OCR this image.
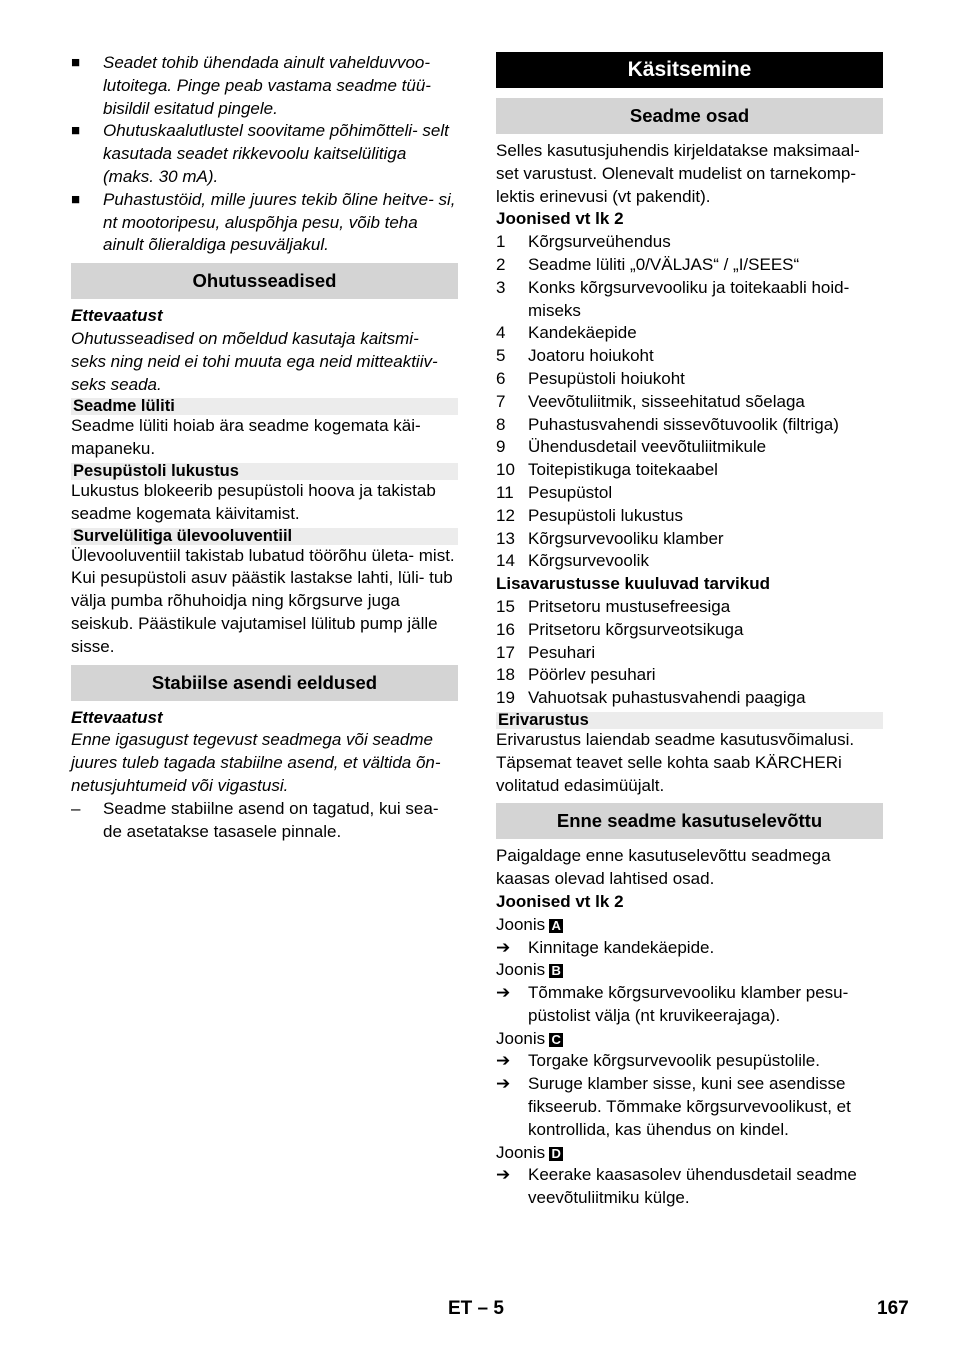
■

Seadet tohib ühendada ainult vahelduvvoo- lutoitega. Pinge peab vastama seadme tüü- bisildil esitatud pingele.

■

Ohutuskaalutlustel soovitame põhimõtteli- selt kasutada seadet rikkevoolu kaitselülitiga (maks. 30 mA).

■

Puhastustöid, mille juures tekib õline heitve- si, nt mootoripesu, aluspõhja pesu, võib teha ainult õlieraldiga pesuväljakul.

Ohutusseadised

Ettevaatust

Ohutusseadised on mõeldud kasutaja kaitsmi- seks ning neid ei tohi muuta ega neid mitteaktiiv- seks seada.

Seadme lüliti

Seadme lüliti hoiab ära seadme kogemata käi- mapaneku.

Pesupüstoli lukustus

Lukustus blokeerib pesupüstoli hoova ja takistab seadme kogemata käivitamist.

Survelülitiga ülevooluventiil

Ülevooluventiil takistab lubatud töörõhu ületa- mist.

Kui pesupüstoli asuv päästik lastakse lahti, lüli- tub välja pumba rõhuhoidja ning kõrgsurve juga seiskub. Päästikule vajutamisel lülitub pump jälle sisse.

Stabiilse asendi eeldused

Ettevaatust

Enne igasugust tegevust seadmega või seadme juures tuleb tagada stabiilne asend, et vältida õn- netusjuhtumeid või vigastusi.

–	Seadme stabiilne asend on tagatud, kui sea- de asetatakse tasasele pinnale.

Käsitsemine
Seadme osad

Selles kasutusjuhendis kirjeldatakse maksimaal- set varustust. Olenevalt mudelist on tarnekomp- lektis erinevusi (vt pakendit).

Joonised vt lk 2

1	Kõrgsurveühendus
2	Seadme lüliti „0/VÄLJAS“ / „I/SEES“
3	Konks kõrgsurvevooliku ja toitekaabli hoid- miseks
4	Kandekäepide
5	Joatoru hoiukoht
6	Pesupüstoli hoiukoht
7	Veevõtuliitmik, sisseehitatud sõelaga
8	Puhastusvahendi sissevõtuvoolik (filtriga)
9	Ühendusdetail veevõtuliitmikule
10 Toitepistikuga toitekaabel
11 Pesupüstol
12 Pesupüstoli lukustus
13 Kõrgsurvevooliku klamber
14 Kõrgsurvevoolik

Lisavarustusse kuuluvad tarvikud

15 Pritsetoru mustusefreesiga
16 Pritsetoru kõrgsurveotsikuga
17 Pesuhari
18 Pöörlev pesuhari
19 Vahuotsak puhastusvahendi paagiga
Erivarustus

Erivarustus laiendab seadme kasutusvõimalusi. Täpsemat teavet selle kohta saab KÄRCHERi volitatud edasimüüjalt.

Enne seadme kasutuselevõttu

Paigaldage enne kasutuselevõttu seadmega kaasas olevad lahtised osad.

Joonised vt lk 2

Joonis A

➔	Kinnitage kandekäepide.

Joonis B

➔	Tõmmake kõrgsurvevooliku klamber pesu- püstolist välja (nt kruvikeerajaga).

Joonis C

➔	Torgake kõrgsurvevoolik pesupüstolile.
➔	Suruge klamber sisse, kuni see asendisse fikseerub. Tõmmake kõrgsurvevoolikust, et kontrollida, kas ühendus on kindel.

Joonis D

➔	Keerake kaasasolev ühendusdetail seadme veevõtuliitmiku külge.
ET – 5	167
